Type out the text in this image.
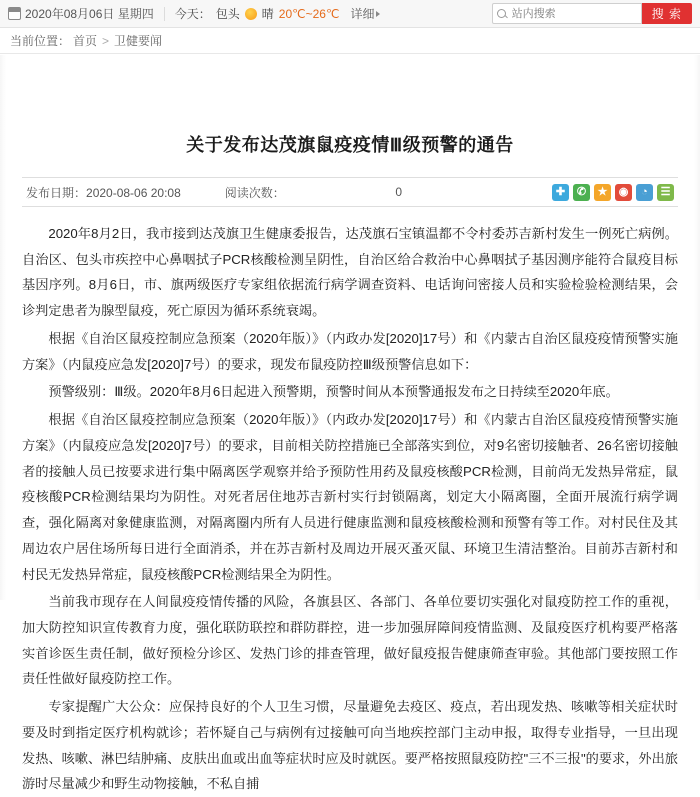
2020年08月06日 星期四 今天： 包头 晴 20℃~26℃ 详细
站内搜索	搜 索
当前位置： 首页 > 卫健要闻
关于发布达茂旗鼠疫疫情Ⅲ级预警的通告
发布日期：2020-08-06 20:08	阅读次数：	0	✚	✆	★	◉	◔	☰

2020年8月2日，我市接到达茂旗卫生健康委报告，达茂旗石宝镇温都不令村委苏吉新村发生一例死亡病例。自治区、包头市疾控中心鼻咽拭子PCR核酸检测呈阴性，自治区给合救治中心鼻咽拭子基因测序能符合鼠疫目标基因序列。8月6日，市、旗两级医疗专家组依据流行病学调查资料、电话询问密接人员和实验检验检测结果，会诊判定患者为腺型鼠疫，死亡原因为循环系统衰竭。

根据《自治区鼠疫控制应急预案（2020年版）》（内政办发[2020]17号）和《内蒙古自治区鼠疫疫情预警实施方案》（内鼠疫应急发[2020]7号）的要求，现发布鼠疫防控Ⅲ级预警信息如下：

预警级别：Ⅲ级。2020年8月6日起进入预警期，预警时间从本预警通报发布之日持续至2020年底。

根据《自治区鼠疫控制应急预案（2020年版）》（内政办发[2020]17号）和《内蒙古自治区鼠疫疫情预警实施方案》（内鼠疫应急发[2020]7号）的要求，目前相关防控措施已全部落实到位，对9名密切接触者、26名密切接触者的接触人员已按要求进行集中隔离医学观察并给予预防性用药及鼠疫核酸PCR检测，目前尚无发热异常症，鼠疫核酸PCR检测结果均为阴性。对死者居住地苏吉新村实行封锁隔离，划定大小隔离圈，全面开展流行病学调查，强化隔离对象健康监测，对隔离圈内所有人员进行健康监测和鼠疫核酸检测和预警有等工作。对村民住及其周边农户居住场所每日进行全面消杀，并在苏吉新村及周边开展灭蚤灭鼠、环境卫生清洁整治。目前苏吉新村和村民无发热异常症，鼠疫核酸PCR检测结果全为阴性。

当前我市现存在人间鼠疫疫情传播的风险，各旗县区、各部门、各单位要切实强化对鼠疫防控工作的重视，加大防控知识宣传教育力度，强化联防联控和群防群控，进一步加强屏障间疫情监测、及鼠疫医疗机构要严格落实首诊医生责任制，做好预检分诊区、发热门诊的排查管理，做好鼠疫报告健康筛查审验。其他部门要按照工作责任性做好鼠疫防控工作。

专家提醒广大公众：应保持良好的个人卫生习惯，尽量避免去疫区、疫点，若出现发热、咳嗽等相关症状时要及时到指定医疗机构就诊；若怀疑自己与病例有过接触可向当地疾控部门主动申报，取得专业指导，一旦出现发热、咳嗽、淋巴结肿痛、皮肤出血或出血等症状时应及时就医。要严格按照鼠疫防控"三不三报"的要求，外出旅游时尽量减少和野生动物接触，不私自捕
